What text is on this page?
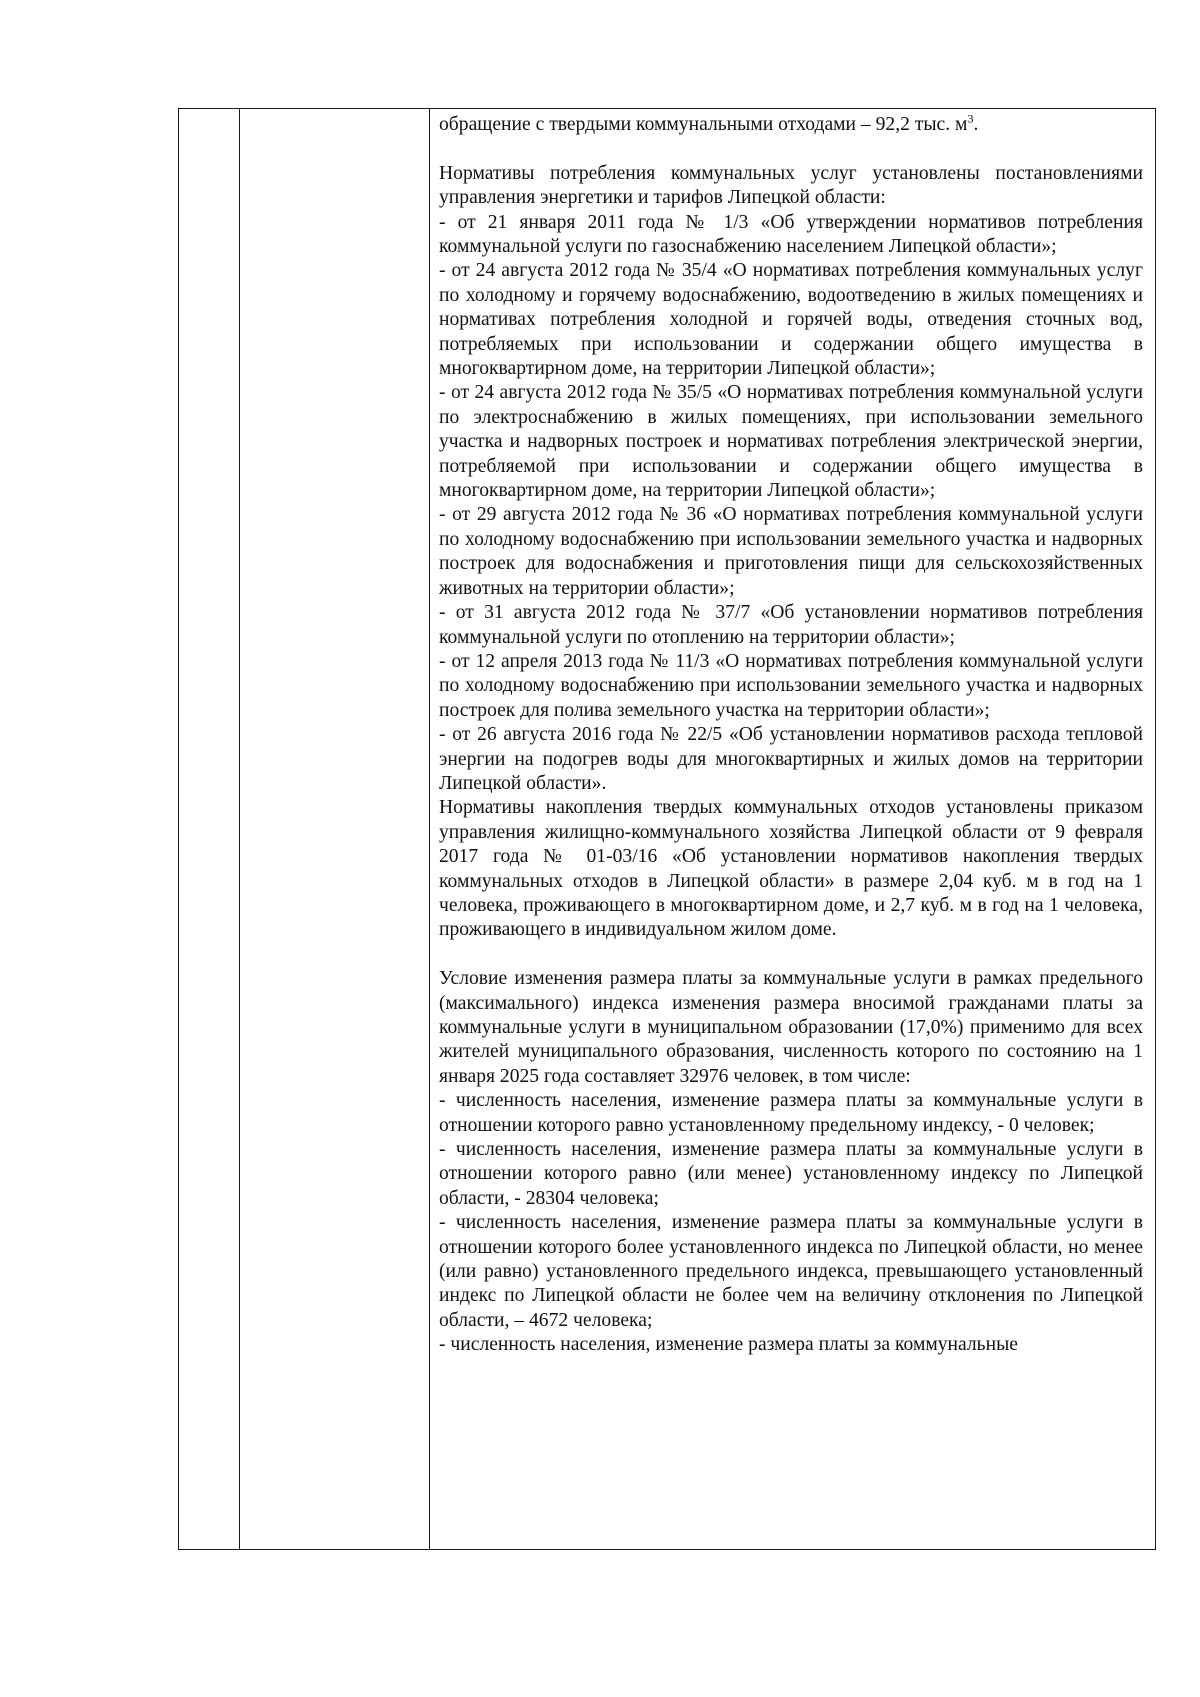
обращение с твердыми коммунальными отходами – 92,2 тыс. $м^3$.

Нормативы потребления коммунальных услуг установлены постановлениями управления энергетики и тарифов Липецкой области:

- от 21 января 2011 года № 1/3 «Об утверждении нормативов потребления коммунальной услуги по газоснабжению населением Липецкой области»;

- от 24 августа 2012 года № 35/4 «О нормативах потребления коммунальных услуг по холодному и горячему водоснабжению, водоотведению в жилых помещениях и нормативах потребления холодной и горячей воды, отведения сточных вод, потребляемых при использовании и содержании общего имущества в многоквартирном доме, на территории Липецкой области»;

- от 24 августа 2012 года № 35/5 «О нормативах потребления коммунальной услуги по электроснабжению в жилых помещениях, при использовании земельного участка и надворных построек и нормативах потребления электрической энергии, потребляемой при использовании и содержании общего имущества в многоквартирном доме, на территории Липецкой области»;

- от 29 августа 2012 года № 36 «О нормативах потребления коммунальной услуги по холодному водоснабжению при использовании земельного участка и надворных построек для водоснабжения и приготовления пищи для сельскохозяйственных животных на территории области»;

- от 31 августа 2012 года № 37/7 «Об установлении нормативов потребления коммунальной услуги по отоплению на территории области»;

- от 12 апреля 2013 года № 11/3 «О нормативах потребления коммунальной услуги по холодному водоснабжению при использовании земельного участка и надворных построек для полива земельного участка на территории области»;

- от 26 августа 2016 года № 22/5 «Об установлении нормативов расхода тепловой энергии на подогрев воды для многоквартирных и жилых домов на территории Липецкой области».

Нормативы накопления твердых коммунальных отходов установлены приказом управления жилищно-коммунального хозяйства Липецкой области от 9 февраля 2017 года № 01-03/16 «Об установлении нормативов накопления твердых коммунальных отходов в Липецкой области» в размере 2,04 куб. м в год на 1 человека, проживающего в многоквартирном доме, и 2,7 куб. м в год на 1 человека, проживающего в индивидуальном жилом доме.

Условие изменения размера платы за коммунальные услуги в рамках предельного (максимального) индекса изменения размера вносимой гражданами платы за коммунальные услуги в муниципальном образовании (17,0%) применимо для всех жителей муниципального образования, численность которого по состоянию на 1 января 2025 года составляет 32976 человек, в том числе:

- численность населения, изменение размера платы за коммунальные услуги в отношении которого равно установленному предельному индексу, - 0 человек;

- численность населения, изменение размера платы за коммунальные услуги в отношении которого равно (или менее) установленному индексу по Липецкой области, - 28304 человека;

- численность населения, изменение размера платы за коммунальные услуги в отношении которого более установленного индекса по Липецкой области, но менее (или равно) установленного предельного индекса, превышающего установленный индекс по Липецкой области не более чем на величину отклонения по Липецкой области, – 4672 человека;

- численность населения, изменение размера платы за коммунальные
